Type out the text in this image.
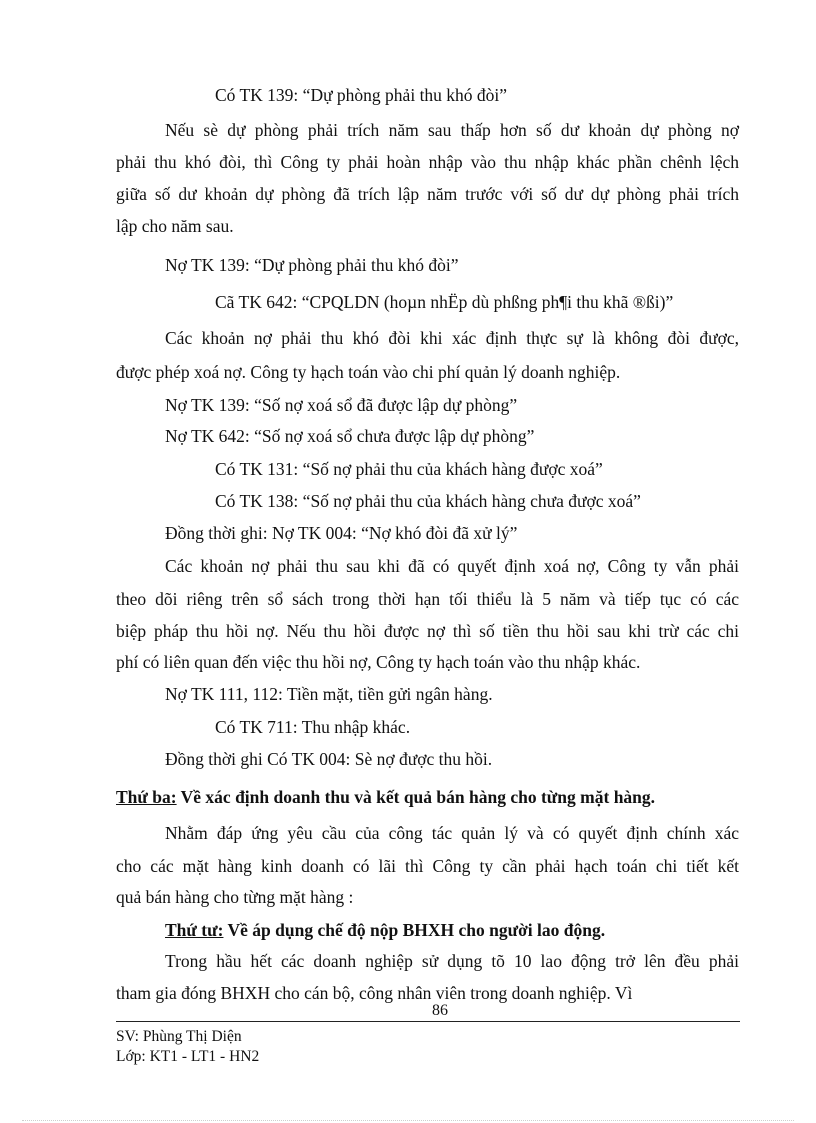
Có TK 139: “Dự phòng phải thu khó đòi”
Nếu sè dự phòng phải trích năm sau thấp hơn số dư khoản dự phòng nợ
phải thu khó đòi, thì Công ty phải hoàn nhập vào thu nhập khác phần chênh lệch
giữa số dư khoản dự phòng đã trích lập năm trước với số dư dự phòng phải trích
lập cho năm sau.
Nợ TK 139: “Dự phòng phải thu khó đòi”
Cã TK 642: “CPQLDN (hoµn nhËp dù phßng ph¶i thu khã ®ßi)”
Các khoản nợ phải thu khó đòi khi xác định thực sự là không đòi được,
được phép xoá nợ. Công ty hạch toán vào chi phí quản lý doanh nghiệp.
Nợ TK 139: “Số nợ xoá sổ đã được lập dự phòng”
Nợ TK 642: “Số nợ xoá sổ chưa được lập dự phòng”
Có TK 131: “Số nợ phải thu của khách hàng được xoá”
Có TK 138: “Số nợ phải thu của khách hàng chưa được xoá”
Đồng thời ghi: Nợ TK 004: “Nợ khó đòi đã xử lý”
Các khoản nợ phải thu sau khi đã có quyết định xoá nợ, Công ty vẫn phải
theo dõi riêng trên sổ sách trong thời hạn tối thiểu là 5 năm và tiếp tục có các
biệp pháp thu hồi nợ. Nếu thu hồi được nợ thì số tiền thu hồi sau khi trừ các chi
phí có liên quan đến việc thu hồi nợ, Công ty hạch toán vào thu nhập khác.
Nợ TK 111, 112: Tiền mặt, tiền gửi ngân hàng.
Có TK 711: Thu nhập khác.
Đồng thời ghi Có TK 004: Sè nợ được thu hồi.
Thứ ba: Về xác định doanh thu và kết quả bán hàng cho từng mặt hàng.
Nhằm đáp ứng yêu cầu của công tác quản lý và có quyết định chính xác
cho các mặt hàng kinh doanh có lãi thì Công ty cần phải hạch toán chi tiết kết
quả bán hàng cho từng mặt hàng :
Thứ tư: Về áp dụng chế độ nộp BHXH cho người lao động.
Trong hầu hết các doanh nghiệp sử dụng tõ 10 lao động trở lên đều phải
tham gia đóng BHXH cho cán bộ, công nhân viên trong doanh nghiệp. Vì
86
SV: Phùng Thị Diện
Lớp: KT1 - LT1 - HN2
